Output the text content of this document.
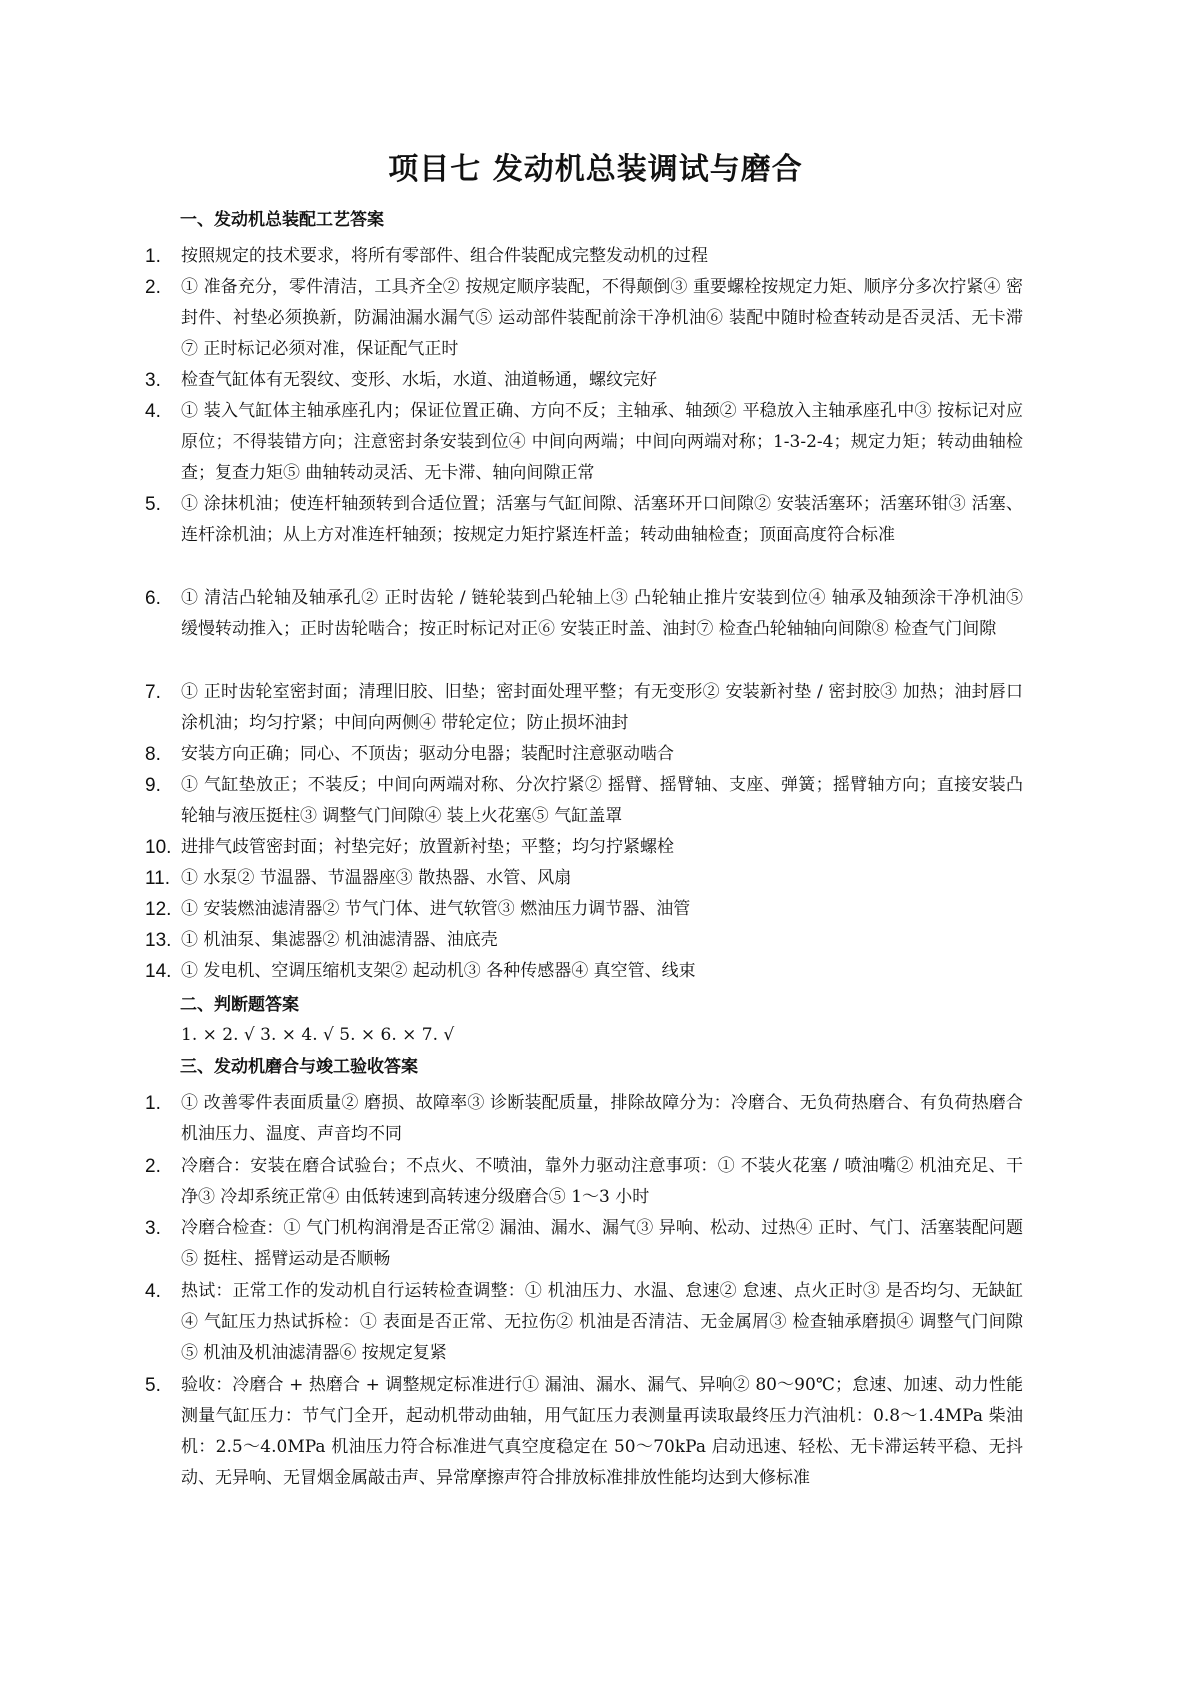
项目七 发动机总装调试与磨合
一、发动机总装配工艺答案
1. 按照规定的技术要求，将所有零部件、组合件装配成完整发动机的过程
2. ① 准备充分，零件清洁，工具齐全② 按规定顺序装配，不得颠倒③ 重要螺栓按规定力矩、顺序分多次拧紧④ 密封件、衬垫必须换新，防漏油漏水漏气⑤ 运动部件装配前涂干净机油⑥ 装配中随时检查转动是否灵活、无卡滞⑦ 正时标记必须对准，保证配气正时
3. 检查气缸体有无裂纹、变形、水垢，水道、油道畅通，螺纹完好
4. ① 装入气缸体主轴承座孔内；保证位置正确、方向不反；主轴承、轴颈② 平稳放入主轴承座孔中③ 按标记对应原位；不得装错方向；注意密封条安装到位④ 中间向两端；中间向两端对称；1-3-2-4；规定力矩；转动曲轴检查；复查力矩⑤ 曲轴转动灵活、无卡滞、轴向间隙正常
5. ① 涂抹机油；使连杆轴颈转到合适位置；活塞与气缸间隙、活塞环开口间隙② 安装活塞环；活塞环钳③ 活塞、连杆涂机油；从上方对准连杆轴颈；按规定力矩拧紧连杆盖；转动曲轴检查；顶面高度符合标准
6. ① 清洁凸轮轴及轴承孔② 正时齿轮 / 链轮装到凸轮轴上③ 凸轮轴止推片安装到位④ 轴承及轴颈涂干净机油⑤ 缓慢转动推入；正时齿轮啮合；按正时标记对正⑥ 安装正时盖、油封⑦ 检查凸轮轴轴向间隙⑧ 检查气门间隙
7. ① 正时齿轮室密封面；清理旧胶、旧垫；密封面处理平整；有无变形② 安装新衬垫 / 密封胶③ 加热；油封唇口涂机油；均匀拧紧；中间向两侧④ 带轮定位；防止损坏油封
8. 安装方向正确；同心、不顶齿；驱动分电器；装配时注意驱动啮合
9. ① 气缸垫放正；不装反；中间向两端对称、分次拧紧② 摇臂、摇臂轴、支座、弹簧；摇臂轴方向；直接安装凸轮轴与液压挺柱③ 调整气门间隙④ 装上火花塞⑤ 气缸盖罩
10. 进排气歧管密封面；衬垫完好；放置新衬垫；平整；均匀拧紧螺栓
11. ① 水泵② 节温器、节温器座③ 散热器、水管、风扇
12. ① 安装燃油滤清器② 节气门体、进气软管③ 燃油压力调节器、油管
13. ① 机油泵、集滤器② 机油滤清器、油底壳
14. ① 发电机、空调压缩机支架② 起动机③ 各种传感器④ 真空管、线束
二、判断题答案
1. × 2. √ 3. × 4. √ 5. × 6. × 7. √
三、发动机磨合与竣工验收答案
1. ① 改善零件表面质量② 磨损、故障率③ 诊断装配质量，排除故障分为：冷磨合、无负荷热磨合、有负荷热磨合机油压力、温度、声音均不同
2. 冷磨合：安装在磨合试验台；不点火、不喷油，靠外力驱动注意事项：① 不装火花塞 / 喷油嘴② 机油充足、干净③ 冷却系统正常④ 由低转速到高转速分级磨合⑤ 1～3 小时
3. 冷磨合检查：① 气门机构润滑是否正常② 漏油、漏水、漏气③ 异响、松动、过热④ 正时、气门、活塞装配问题⑤ 挺柱、摇臂运动是否顺畅
4. 热试：正常工作的发动机自行运转检查调整：① 机油压力、水温、怠速② 怠速、点火正时③ 是否均匀、无缺缸④ 气缸压力热试拆检：① 表面是否正常、无拉伤② 机油是否清洁、无金属屑③ 检查轴承磨损④ 调整气门间隙⑤ 机油及机油滤清器⑥ 按规定复紧
5. 验收：冷磨合 + 热磨合 + 调整规定标准进行① 漏油、漏水、漏气、异响② 80～90℃；怠速、加速、动力性能测量气缸压力：节气门全开，起动机带动曲轴，用气缸压力表测量再读取最终压力汽油机：0.8～1.4MPa 柴油机：2.5～4.0MPa 机油压力符合标准进气真空度稳定在 50～70kPa 启动迅速、轻松、无卡滞运转平稳、无抖动、无异响、无冒烟金属敲击声、异常摩擦声符合排放标准排放性能均达到大修标准
